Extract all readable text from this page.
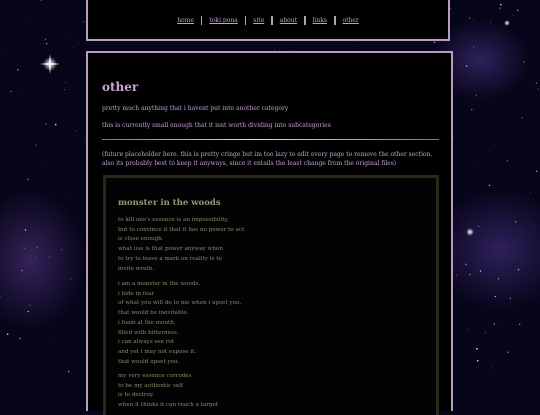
home	toki pona	site	about	links	other
other

pretty much anything that i havent put into another category

this is currently small enough that it isnt worth dividing into subcategories

(future placeholder here. this is pretty cringe but im too lazy to edit every page to remove the other section. also its probably best to keep it anyways, since it entails the least change from the original files)

monster in the woods

to kill one's essence is an impossibility,
but to convince it that it has no power to act
is close enough.
what use is that power anyway when
to try to leave a mark on reality is to
invite wrath.

i am a monster in the woods.
i hide in fear
of what you will do to me when i upset you.
that would be inevitable.
i foam at the mouth,
filled with bitterness.
i can always see rot
and yet i may not expose it.
that would upset you.

my very essence corrodes
to be my authentic self
is to destroy.
when it thinks it can reach a target
